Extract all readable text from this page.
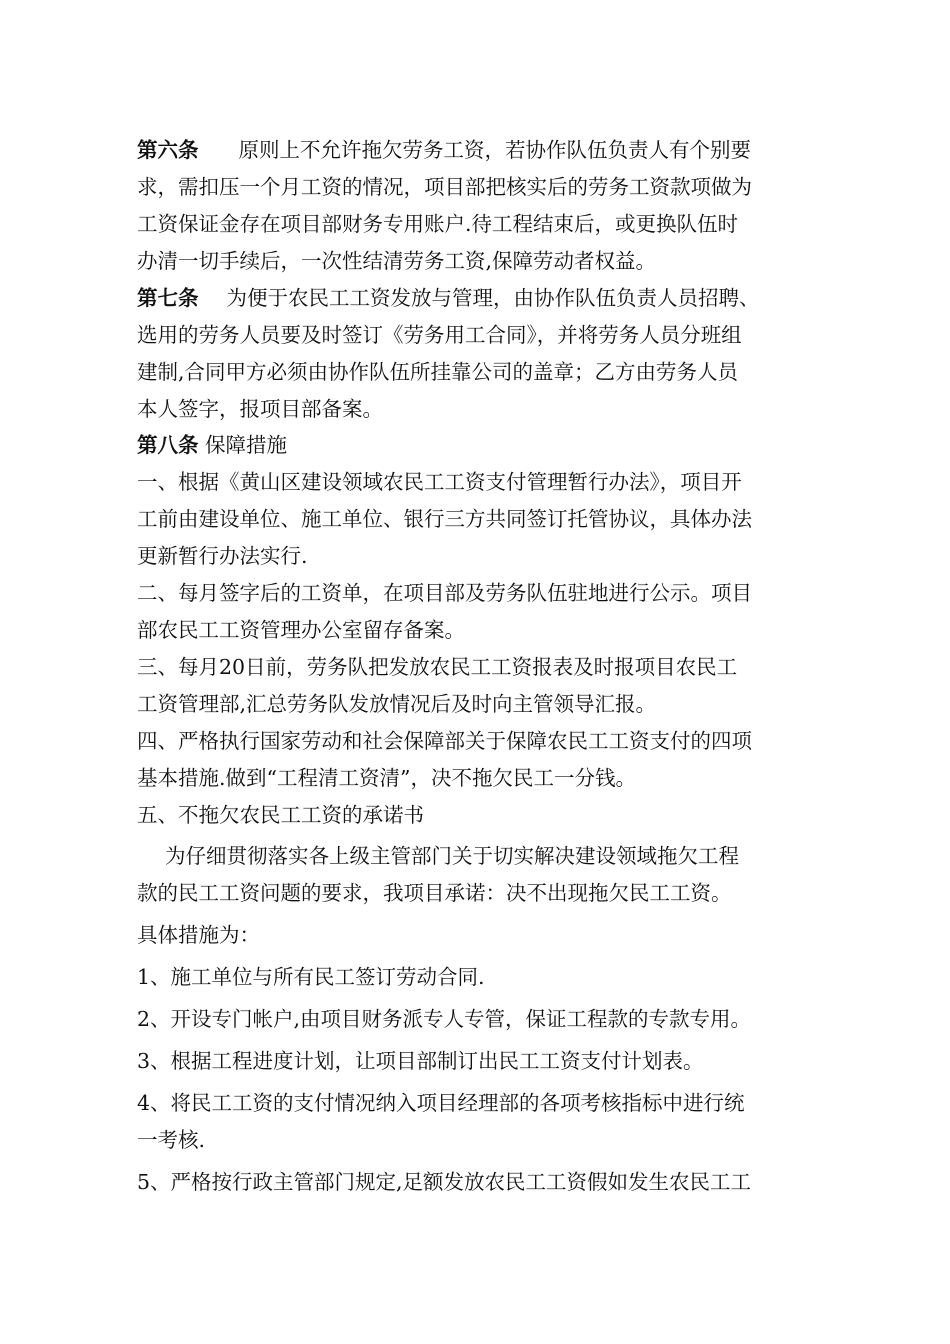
第六条 原则上不允许拖欠劳务工资，若协作队伍负责人有个别要
求，需扣压一个月工资的情况，项目部把核实后的劳务工资款项做为
工资保证金存在项目部财务专用账户.待工程结束后，或更换队伍时
办清一切手续后，一次性结清劳务工资,保障劳动者权益。
第七条 为便于农民工工资发放与管理，由协作队伍负责人员招聘、
选用的劳务人员要及时签订《劳务用工合同》，并将劳务人员分班组
建制,合同甲方必须由协作队伍所挂靠公司的盖章；乙方由劳务人员
本人签字，报项目部备案。
第八条 保障措施
一、根据《黄山区建设领域农民工工资支付管理暂行办法》，项目开
工前由建设单位、施工单位、银行三方共同签订托管协议，具体办法
更新暂行办法实行.
二、每月签字后的工资单，在项目部及劳务队伍驻地进行公示。项目
部农民工工资管理办公室留存备案。
三、每月20日前，劳务队把发放农民工工资报表及时报项目农民工
工资管理部,汇总劳务队发放情况后及时向主管领导汇报。
四、严格执行国家劳动和社会保障部关于保障农民工工资支付的四项
基本措施.做到“工程清工资清”，决不拖欠民工一分钱。
五、不拖欠农民工工资的承诺书
为仔细贯彻落实各上级主管部门关于切实解决建设领域拖欠工程
款的民工工资问题的要求，我项目承诺：决不出现拖欠民工工资。
具体措施为：
1、施工单位与所有民工签订劳动合同.
2、开设专门帐户,由项目财务派专人专管，保证工程款的专款专用。
3、根据工程进度计划，让项目部制订出民工工资支付计划表。
4、将民工工资的支付情况纳入项目经理部的各项考核指标中进行统
一考核.
5、严格按行政主管部门规定,足额发放农民工工资假如发生农民工工
